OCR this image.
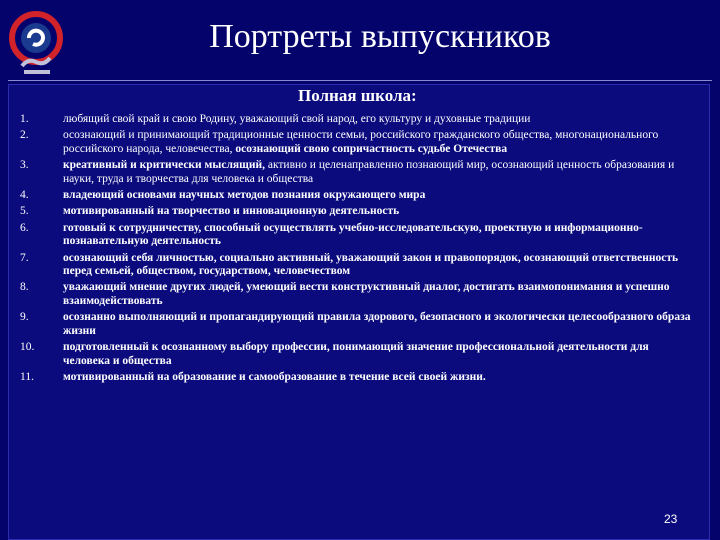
Портреты выпускников
Полная школа:
1.	любящий свой край и свою Родину, уважающий свой народ, его культуру и духовные традиции
2.	осознающий и принимающий традиционные ценности семьи, российского гражданского общества, многонационального российского народа, человечества, осознающий свою сопричастность судьбе Отечества
3.	креативный и критически мыслящий, активно и целенаправленно познающий мир, осознающий ценность образования и науки, труда и творчества для человека и общества
4.	владеющий основами научных методов познания окружающего мира
5.	мотивированный на творчество и инновационную деятельность
6.	готовый к сотрудничеству, способный осуществлять учебно-исследовательскую, проектную и информационно-познавательную деятельность
7.	осознающий себя личностью, социально активный, уважающий закон и правопорядок, осознающий ответственность перед семьей, обществом, государством, человечеством
8.	уважающий мнение других людей, умеющий вести конструктивный диалог, достигать взаимопонимания и успешно взаимодействовать
9.	осознанно выполняющий и пропагандирующий правила здорового, безопасного и экологически целесообразного образа жизни
10.	подготовленный к осознанному выбору профессии, понимающий значение профессиональной деятельности для человека и общества
11.	мотивированный на образование и самообразование в течение всей своей жизни.
23
